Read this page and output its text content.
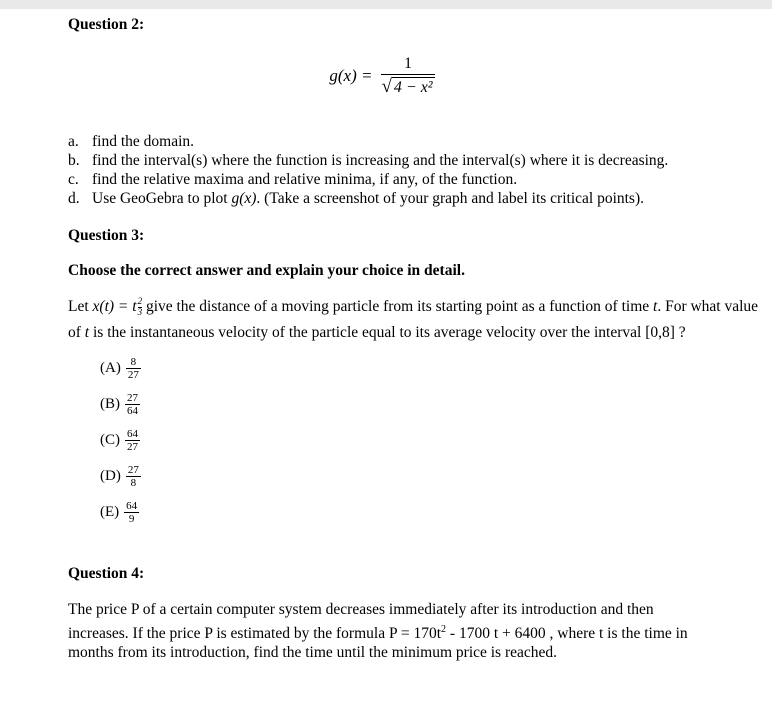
Question 2:
$g(x) = \frac{1}{\text{√ 4 − x²}}$
a. find the domain.
b. find the interval(s) where the function is increasing and the interval(s) where it is decreasing.
c. find the relative maxima and relative minima, if any, of the function.
d. Use GeoGebra to plot g(x). (Take a screenshot of your graph and label its critical points).
Question 3:
Choose the correct answer and explain your choice in detail.

Let x(t) = t $\frac{2}{3}$ give the distance of a moving particle from its starting point as a function of time t. For what value of t is the instantaneous velocity of the particle equal to its average velocity over the interval [0,8] ?

$(A) \frac{8}{27}$
$(B) \frac{27}{64}$
$(C) \frac{64}{27}$
$(D) \frac{27}{8}$
$(E) \frac{64}{9}$
Question 4:

The price P of a certain computer system decreases immediately after its introduction and then increases. If the price P is estimated by the formula $P = 170t^2 - 1700$ t + 6400 , where t is the time in months from its introduction, find the time until the minimum price is reached.
